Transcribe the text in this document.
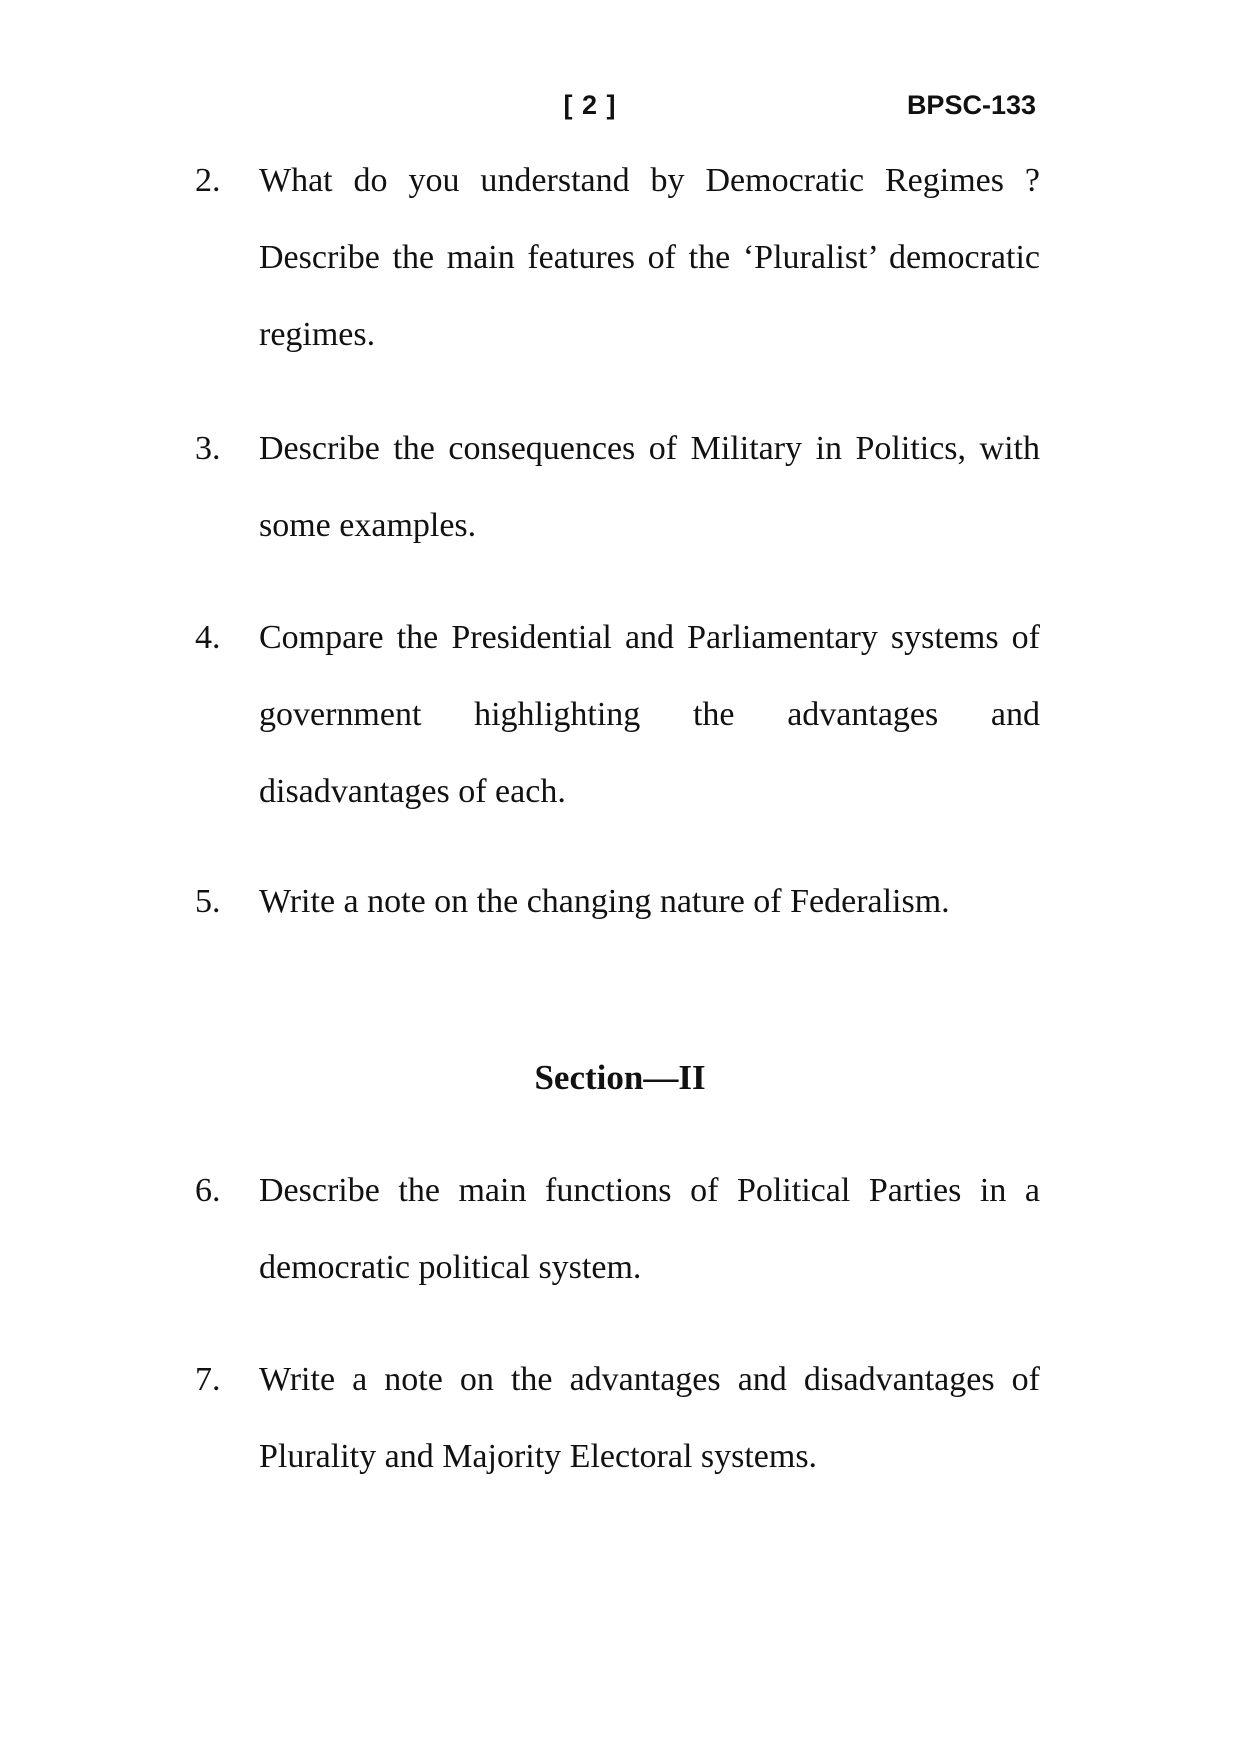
[ 2 ]	BPSC-133
2.	What do you understand by Democratic Regimes ? Describe the main features of the ‘Pluralist’ democratic regimes.
3.	Describe the consequences of Military in Politics, with some examples.
4.	Compare the Presidential and Parliamentary systems of government highlighting the advantages and disadvantages of each.
5.	Write a note on the changing nature of Federalism.
Section—II
6.	Describe the main functions of Political Parties in a democratic political system.
7.	Write a note on the advantages and disadvantages of Plurality and Majority Electoral systems.
